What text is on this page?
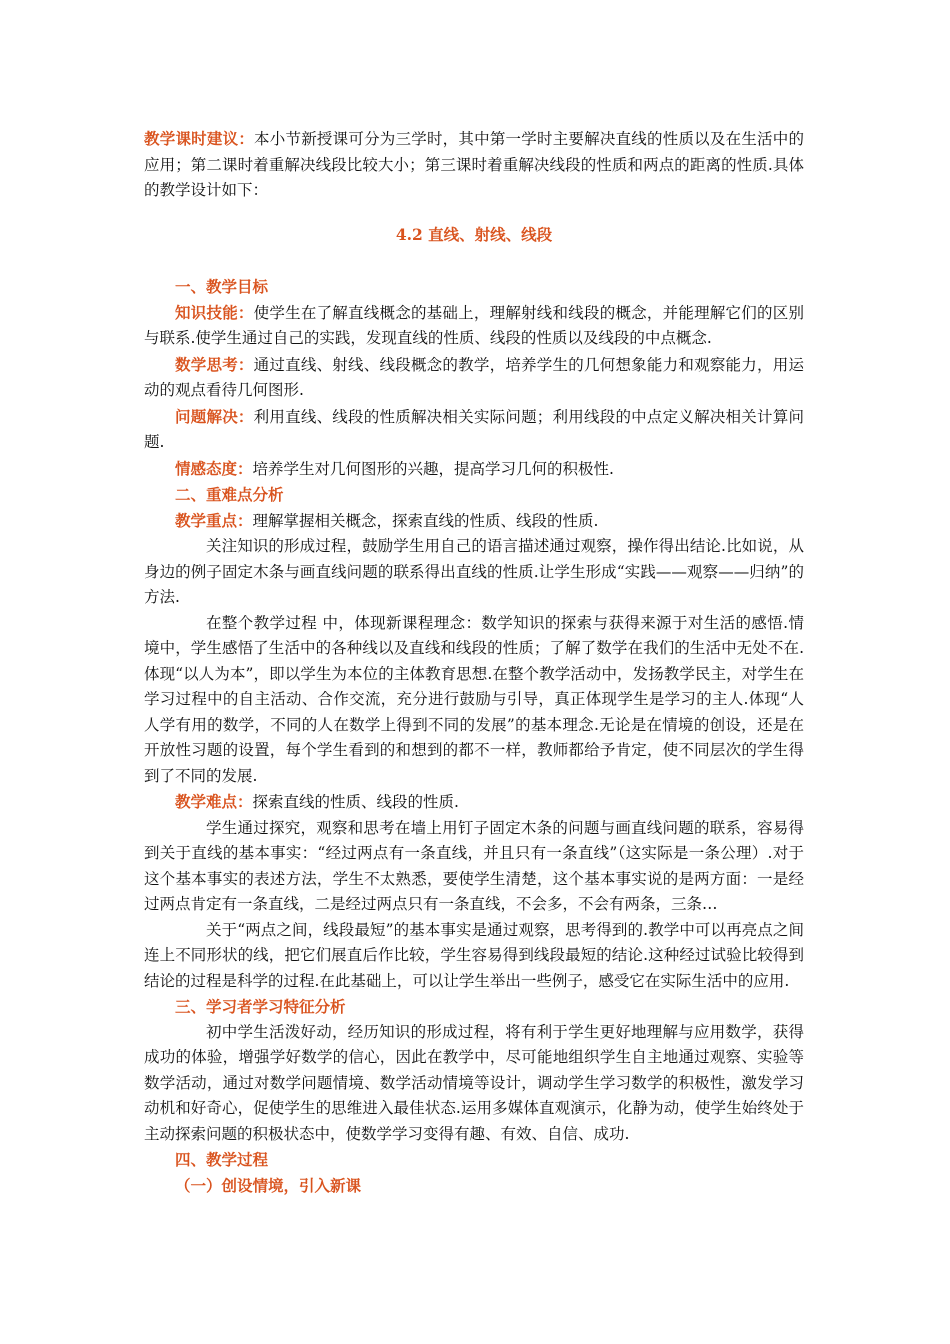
教学课时建议：本小节新授课可分为三学时，其中第一学时主要解决直线的性质以及在生活中的应用；第二课时着重解决线段比较大小；第三课时着重解决线段的性质和两点的距离的性质.具体的教学设计如下：

4.2 直线、射线、线段

一、教学目标

知识技能：使学生在了解直线概念的基础上，理解射线和线段的概念，并能理解它们的区别与联系.使学生通过自己的实践，发现直线的性质、线段的性质以及线段的中点概念.

数学思考：通过直线、射线、线段概念的教学，培养学生的几何想象能力和观察能力，用运动的观点看待几何图形.

问题解决：利用直线、线段的性质解决相关实际问题；利用线段的中点定义解决相关计算问题.

情感态度：培养学生对几何图形的兴趣，提高学习几何的积极性.

二、重难点分析

教学重点：理解掌握相关概念，探索直线的性质、线段的性质.

关注知识的形成过程，鼓励学生用自己的语言描述通过观察，操作得出结论.比如说，从身边的例子固定木条与画直线问题的联系得出直线的性质.让学生形成“实践——观察——归纳”的方法.

在整个教学过程 中，体现新课程理念：数学知识的探索与获得来源于对生活的感悟.情境中，学生感悟了生活中的各种线以及直线和线段的性质；了解了数学在我们的生活中无处不在.体现“以人为本”，即以学生为本位的主体教育思想.在整个教学活动中，发扬教学民主，对学生在学习过程中的自主活动、合作交流，充分进行鼓励与引导，真正体现学生是学习的主人.体现“人人学有用的数学，不同的人在数学上得到不同的发展”的基本理念.无论是在情境的创设，还是在开放性习题的设置，每个学生看到的和想到的都不一样，教师都给予肯定，使不同层次的学生得到了不同的发展.

教学难点：探索直线的性质、线段的性质.

学生通过探究，观察和思考在墙上用钉子固定木条的问题与画直线问题的联系，容易得到关于直线的基本事实：“经过两点有一条直线，并且只有一条直线”（这实际是一条公理）.对于这个基本事实的表述方法，学生不太熟悉，要使学生清楚，这个基本事实说的是两方面：一是经过两点肯定有一条直线，二是经过两点只有一条直线，不会多，不会有两条，三条…

关于“两点之间，线段最短”的基本事实是通过观察，思考得到的.教学中可以再亮点之间连上不同形状的线，把它们展直后作比较，学生容易得到线段最短的结论.这种经过试验比较得到结论的过程是科学的过程.在此基础上，可以让学生举出一些例子，感受它在实际生活中的应用.

三、学习者学习特征分析

初中学生活泼好动，经历知识的形成过程，将有利于学生更好地理解与应用数学，获得成功的体验，增强学好数学的信心，因此在教学中，尽可能地组织学生自主地通过观察、实验等数学活动，通过对数学问题情境、数学活动情境等设计，调动学生学习数学的积极性，激发学习动机和好奇心，促使学生的思维进入最佳状态.运用多媒体直观演示，化静为动，使学生始终处于主动探索问题的积极状态中，使数学学习变得有趣、有效、自信、成功.

四、教学过程

（一）创设情境，引入新课
